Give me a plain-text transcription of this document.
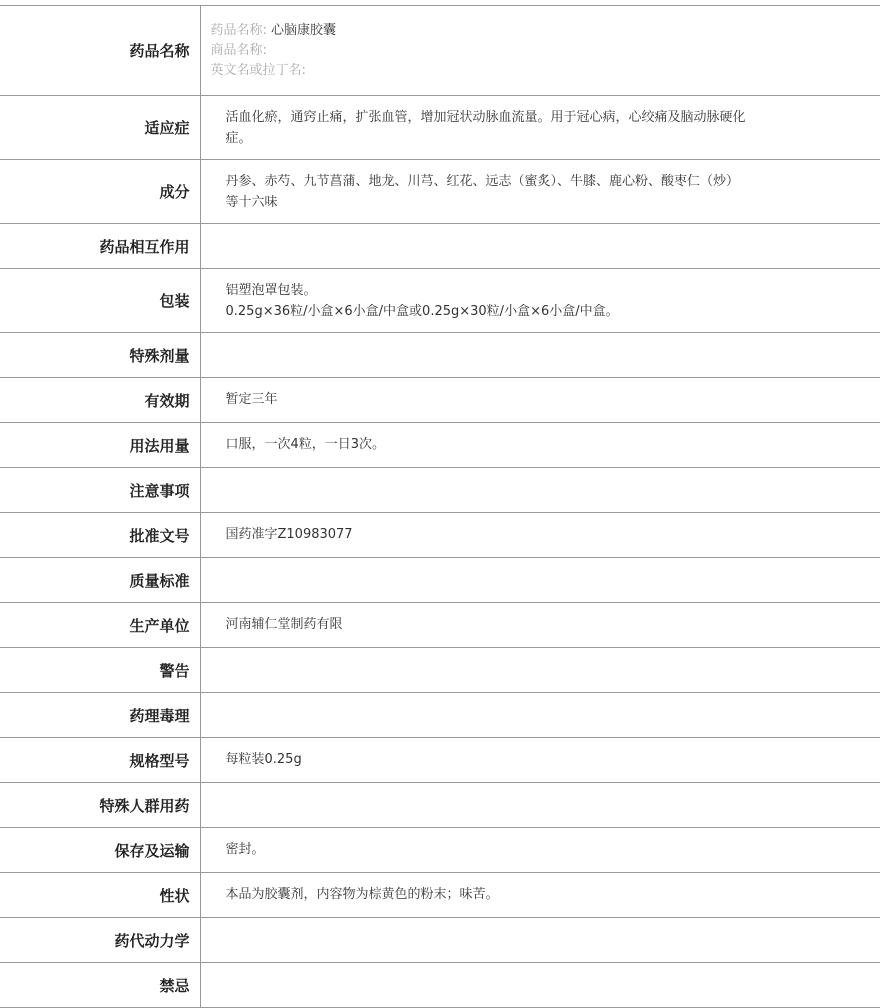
药品名称	药品名称: 心脑康胶囊
商品名称:
英文名或拉丁名:

适应症	活血化瘀，通窍止痛，扩张血管，增加冠状动脉血流量。用于冠心病，心绞痛及脑动脉硬化
症。

成分	丹参、赤芍、九节菖蒲、地龙、川芎、红花、远志（蜜炙）、牛膝、鹿心粉、酸枣仁（炒）
等十六味

药品相互作用	
包装	铝塑泡罩包装。
0.25g×36粒/小盒×6小盒/中盒或0.25g×30粒/小盒×6小盒/中盒。

特殊剂量	
有效期	暂定三年
用法用量	口服，一次4粒，一日3次。
注意事项	
批准文号	国药准字Z10983077
质量标准	
生产单位	河南辅仁堂制药有限
警告	
药理毒理	
规格型号	每粒装0.25g
特殊人群用药	
保存及运输	密封。
性状	本品为胶囊剂，内容物为棕黄色的粉末；味苦。
药代动力学	
禁忌	
